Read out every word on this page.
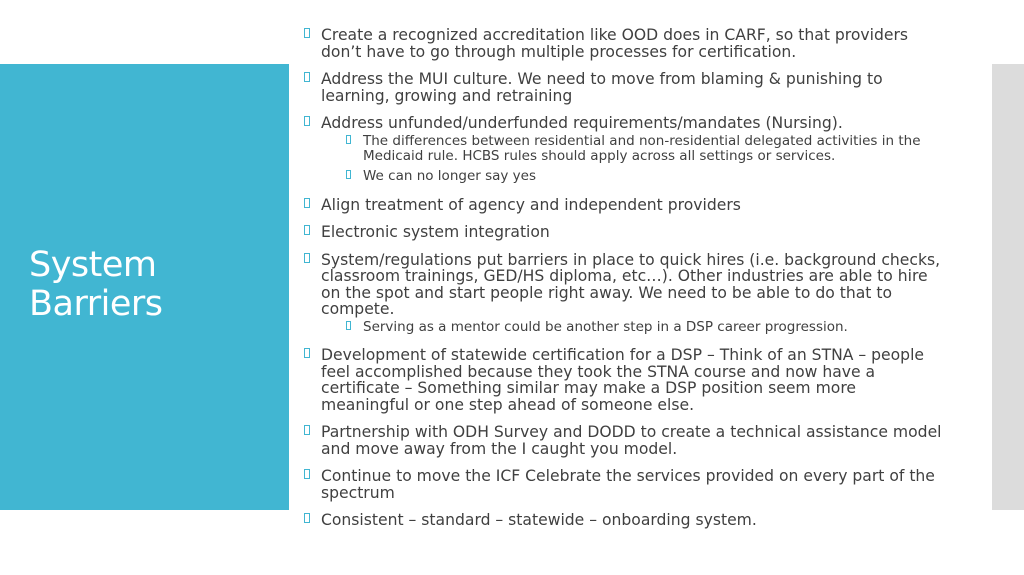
System
Barriers
Create a recognized accreditation like OOD does in CARF, so that providers don’t have to go through multiple processes for certification.
Address the MUI culture. We need to move from blaming & punishing to learning, growing and retraining
Address unfunded/underfunded requirements/mandates (Nursing).
The differences between residential and non-residential delegated activities in the Medicaid rule. HCBS rules should apply across all settings or services.
We can no longer say yes
Align treatment of agency and independent providers
Electronic system integration
System/regulations put barriers in place to quick hires (i.e. background checks, classroom trainings, GED/HS diploma, etc…). Other industries are able to hire on the spot and start people right away. We need to be able to do that to compete.
Serving as a mentor could be another step in a DSP career progression.
Development of statewide certification for a DSP – Think of an STNA – people feel accomplished because they took the STNA course and now have a certificate – Something similar may make a DSP position seem more meaningful or one step ahead of someone else.
Partnership with ODH Survey and DODD to create a technical assistance model and move away from the I caught you model.
Continue to move the ICF Celebrate the services provided on every part of the spectrum
Consistent – standard – statewide – onboarding system.
